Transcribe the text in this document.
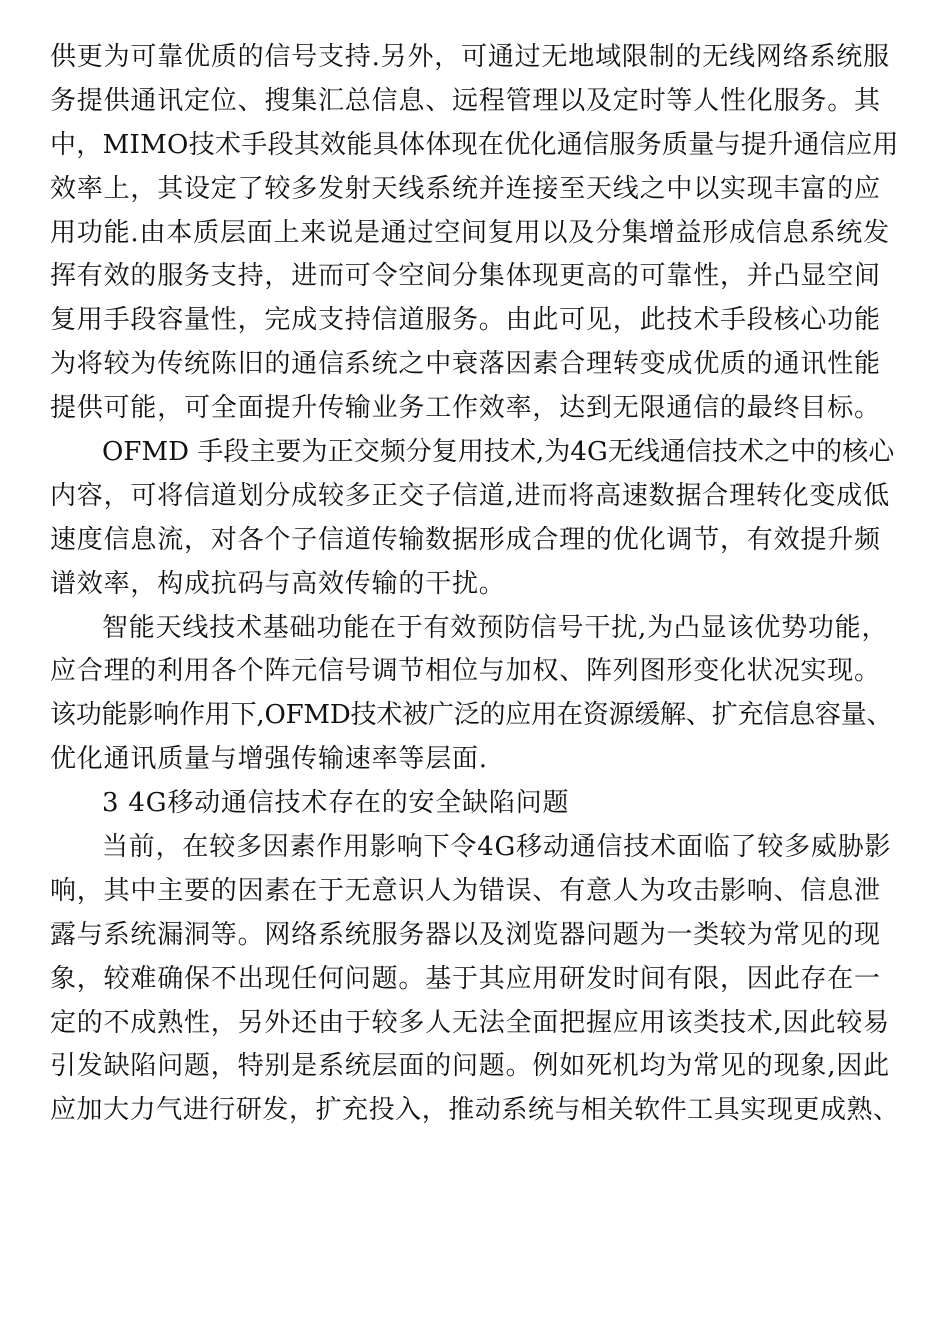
供更为可靠优质的信号支持.另外，可通过无地域限制的无线网络系统服
务提供通讯定位、搜集汇总信息、远程管理以及定时等人性化服务。其
中，MIMO技术手段其效能具体体现在优化通信服务质量与提升通信应用
效率上，其设定了较多发射天线系统并连接至天线之中以实现丰富的应
用功能.由本质层面上来说是通过空间复用以及分集增益形成信息系统发
挥有效的服务支持，进而可令空间分集体现更高的可靠性，并凸显空间
复用手段容量性，完成支持信道服务。由此可见，此技术手段核心功能
为将较为传统陈旧的通信系统之中衰落因素合理转变成优质的通讯性能
提供可能，可全面提升传输业务工作效率，达到无限通信的最终目标。
OFMD 手段主要为正交频分复用技术,为4G无线通信技术之中的核心
内容，可将信道划分成较多正交子信道,进而将高速数据合理转化变成低
速度信息流，对各个子信道传输数据形成合理的优化调节，有效提升频
谱效率，构成抗码与高效传输的干扰。
智能天线技术基础功能在于有效预防信号干扰,为凸显该优势功能，
应合理的利用各个阵元信号调节相位与加权、阵列图形变化状况实现。
该功能影响作用下,OFMD技术被广泛的应用在资源缓解、扩充信息容量、
优化通讯质量与增强传输速率等层面.
3 4G移动通信技术存在的安全缺陷问题
当前，在较多因素作用影响下令4G移动通信技术面临了较多威胁影
响，其中主要的因素在于无意识人为错误、有意人为攻击影响、信息泄
露与系统漏洞等。网络系统服务器以及浏览器问题为一类较为常见的现
象，较难确保不出现任何问题。基于其应用研发时间有限，因此存在一
定的不成熟性，另外还由于较多人无法全面把握应用该类技术,因此较易
引发缺陷问题，特别是系统层面的问题。例如死机均为常见的现象,因此
应加大力气进行研发，扩充投入，推动系统与相关软件工具实现更成熟、
